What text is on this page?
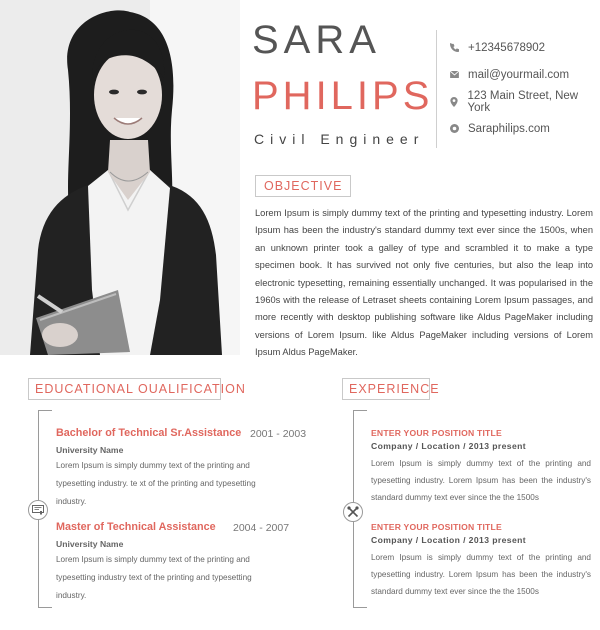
SARA
PHILIPS
Civil Engineer
+12345678902
mail@yourmail.com
123 Main Street, New York
Saraphilips.com
OBJECTIVE
Lorem Ipsum is simply dummy text of the printing and typesetting industry. Lorem Ipsum has been the industry's standard dummy text ever since the 1500s, when an unknown printer took a galley of type and scrambled it to make a type specimen book. It has survived not only five centuries, but also the leap into electronic typesetting, remaining essentially unchanged. It was popularised in the 1960s with the release of Letraset sheets containing Lorem Ipsum passages, and more recently with desktop publishing software like Aldus PageMaker including versions of Lorem Ipsum. like Aldus PageMaker including versions of Lorem Ipsum Aldus PageMaker.
EDUCATIONAL OUALIFICATION
Bachelor of Technical Sr.Assistance 2001 - 2003
University Name
Lorem Ipsum is simply dummy text of the printing and typesetting industry. te xt of the printing and typesetting industry.
Master of Technical Assistance	2004 - 2007
University Name
Lorem Ipsum is simply dummy text of the printing and typesetting industry text of the printing and typesetting industry.
EXPERIENCE
ENTER YOUR POSITION TITLE
Company / Location / 2013 present
Lorem Ipsum is simply dummy text of the printing and typesetting industry. Lorem Ipsum has been the industry's standard dummy text ever since the the 1500s
ENTER YOUR POSITION TITLE
Company / Location / 2013 present
Lorem Ipsum is simply dummy text of the printing and typesetting industry. Lorem Ipsum has been the industry's standard dummy text ever since the the 1500s
